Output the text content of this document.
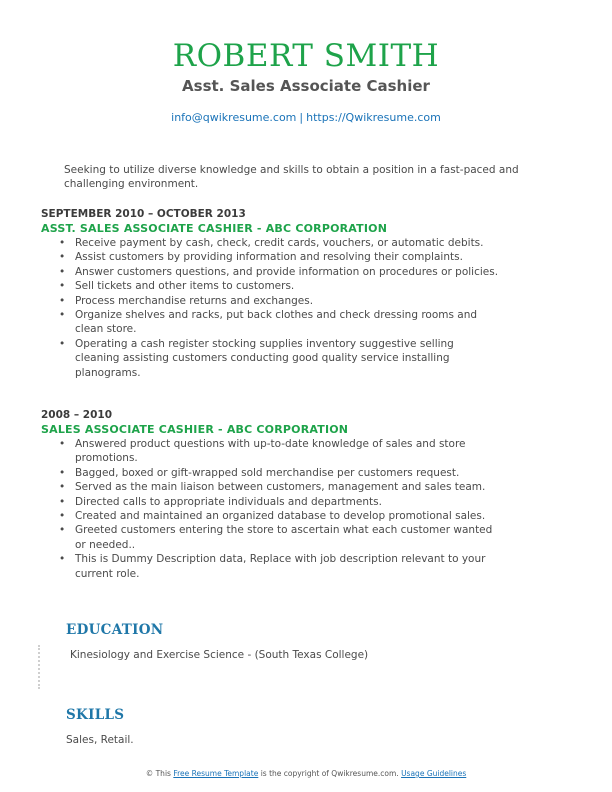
ROBERT SMITH
Asst. Sales Associate Cashier
info@qwikresume.com | https://Qwikresume.com
Seeking to utilize diverse knowledge and skills to obtain a position in a fast-paced and challenging environment.
SEPTEMBER 2010 – OCTOBER 2013
ASST. SALES ASSOCIATE CASHIER - ABC CORPORATION
• Receive payment by cash, check, credit cards, vouchers, or automatic debits.
• Assist customers by providing information and resolving their complaints.
• Answer customers questions, and provide information on procedures or policies.
• Sell tickets and other items to customers.
• Process merchandise returns and exchanges.
• Organize shelves and racks, put back clothes and check dressing rooms and clean store.
• Operating a cash register stocking supplies inventory suggestive selling cleaning assisting customers conducting good quality service installing planograms.
2008 – 2010
SALES ASSOCIATE CASHIER - ABC CORPORATION
• Answered product questions with up-to-date knowledge of sales and store promotions.
• Bagged, boxed or gift-wrapped sold merchandise per customers request.
• Served as the main liaison between customers, management and sales team.
• Directed calls to appropriate individuals and departments.
• Created and maintained an organized database to develop promotional sales.
• Greeted customers entering the store to ascertain what each customer wanted or needed..
• This is Dummy Description data, Replace with job description relevant to your current role.
EDUCATION
Kinesiology and Exercise Science - (South Texas College)
SKILLS
Sales, Retail.
© This Free Resume Template is the copyright of Qwikresume.com. Usage Guidelines
